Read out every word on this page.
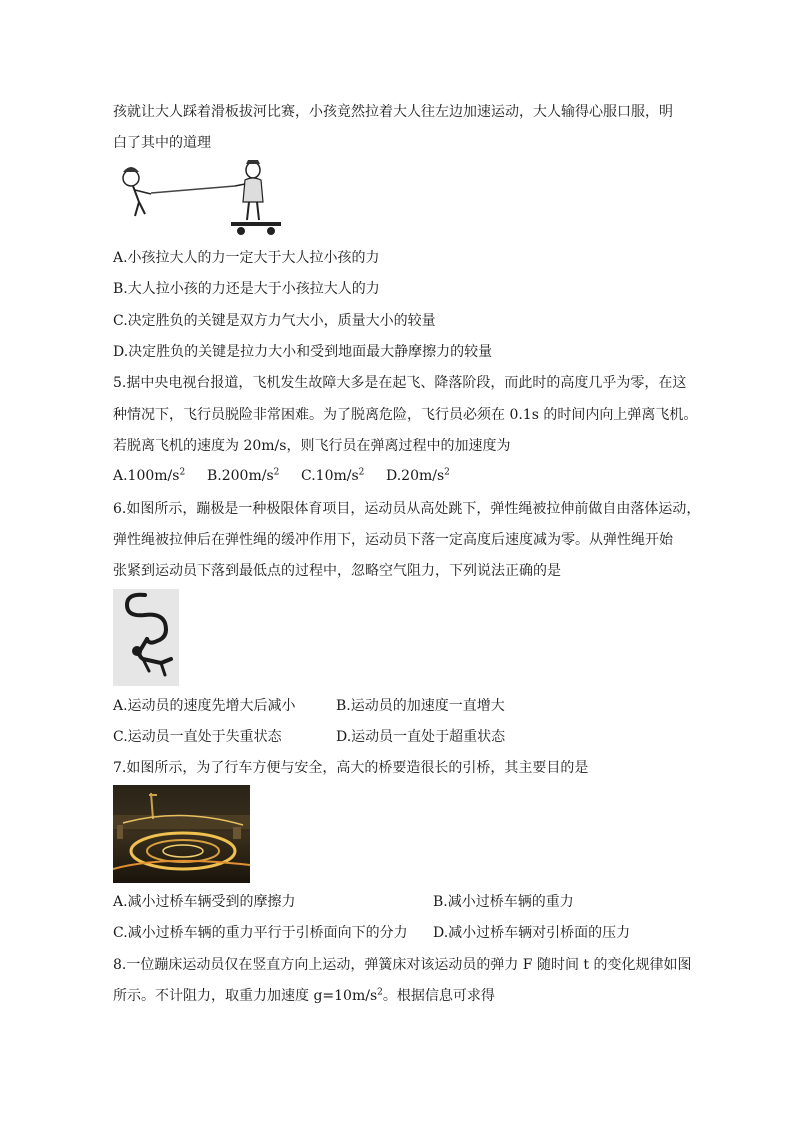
孩就让大人踩着滑板拔河比赛，小孩竟然拉着大人往左边加速运动，大人输得心服口服，明
白了其中的道理
A.小孩拉大人的力一定大于大人拉小孩的力
B.大人拉小孩的力还是大于小孩拉大人的力
C.决定胜负的关键是双方力气大小，质量大小的较量
D.决定胜负的关键是拉力大小和受到地面最大静摩擦力的较量
5.据中央电视台报道，飞机发生故障大多是在起飞、降落阶段，而此时的高度几乎为零，在这
种情况下，飞行员脱险非常困难。为了脱离危险，飞行员必须在 0.1s 的时间内向上弹离飞机。
若脱离飞机的速度为 20m/s，则飞行员在弹离过程中的加速度为
$A.100m/s^2$ $B.200m/s^2$ $C.10m/s^2$ $D.20m/s^2$
6.如图所示，蹦极是一种极限体育项目，运动员从高处跳下，弹性绳被拉伸前做自由落体运动，
弹性绳被拉伸后在弹性绳的缓冲作用下，运动员下落一定高度后速度减为零。从弹性绳开始
张紧到运动员下落到最低点的过程中，忽略空气阻力，下列说法正确的是
A.运动员的速度先增大后减小	B.运动员的加速度一直增大
C.运动员一直处于失重状态	D.运动员一直处于超重状态
7.如图所示，为了行车方便与安全，高大的桥要造很长的引桥，其主要目的是
A.减小过桥车辆受到的摩擦力	B.减小过桥车辆的重力
C.减小过桥车辆的重力平行于引桥面向下的分力 D.减小过桥车辆对引桥面的压力
8.一位蹦床运动员仅在竖直方向上运动，弹簧床对该运动员的弹力 F 随时间 t 的变化规律如图
所示。不计阻力，取重力加速度 $g=10m/s^2$。根据信息可求得
